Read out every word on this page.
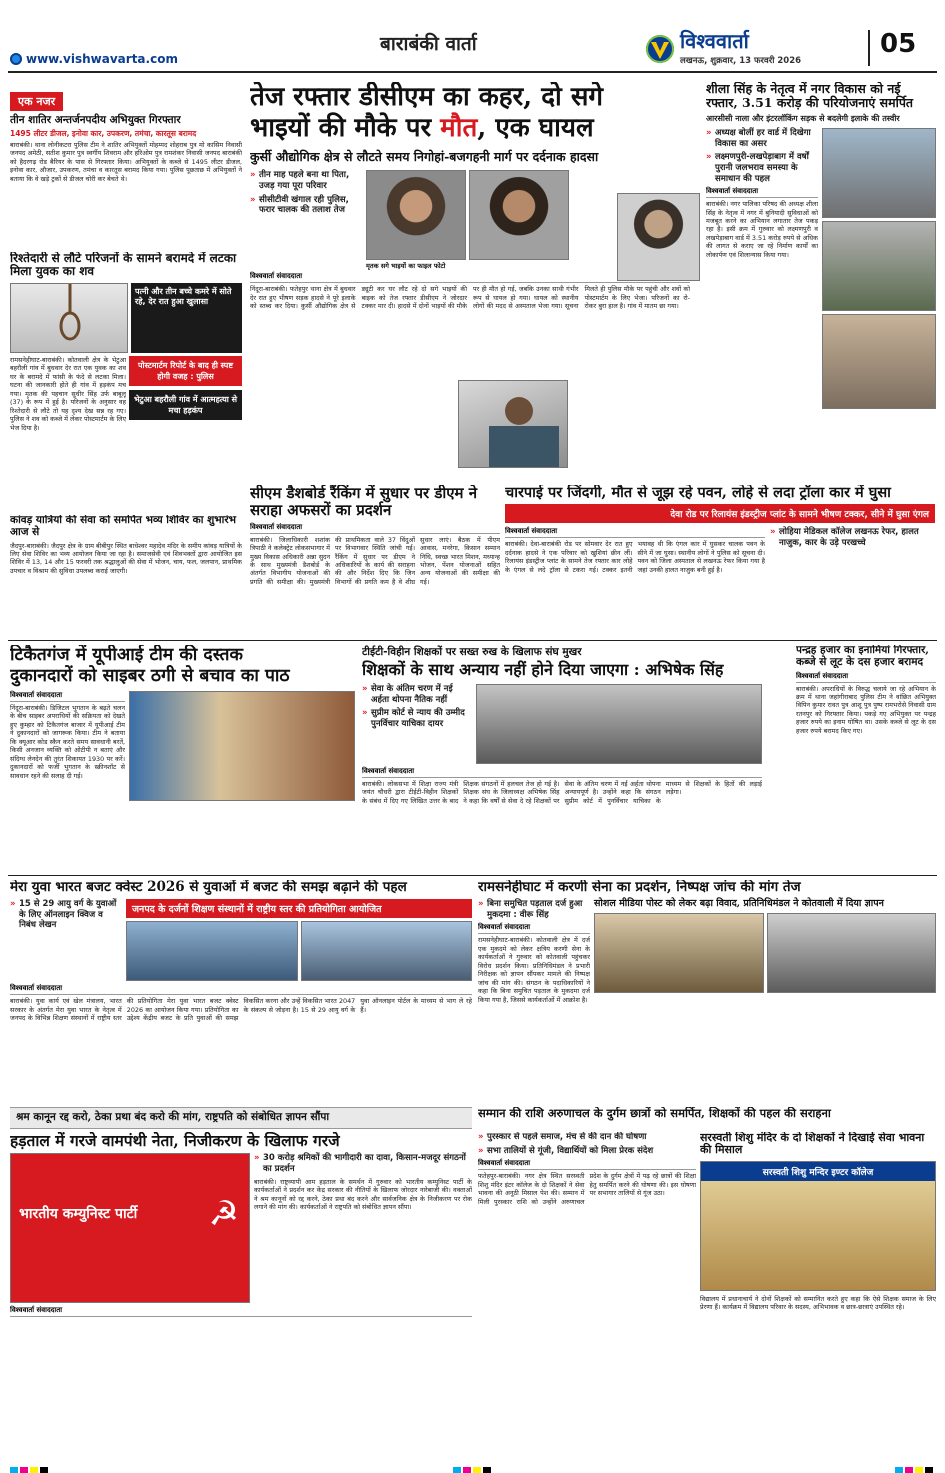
बाराबंकी वार्ता
www.vishwavarta.com
विश्ववार्ता
लखनऊ, शुक्रवार, 13 फरवरी 2026
05
एक नजर
तीन शातिर अन्तर्जनपदीय अभियुक्त गिरफ्तार
1495 लीटर डीजल, इनोवा कार, उपकरण, तमंचा, कारतूस बरामद
बाराबंकी। थाना लोनीकटरा पुलिस टीम ने शातिर अभियुक्तों मोहम्मद शोहराब पुत्र मो कासिम निवासी जनपद अमेठी, सतीश कुमार पुत्र स्वर्गीय शिवराम और हरिओम पुत्र रामशंकर निवासी जनपद बाराबंकी को हैदरगढ़ रोड बैरियर के पास से गिरफ्तार किया। अभियुक्तों के कब्जे से 1495 लीटर डीजल, इनोवा कार, औजार, उपकरण, तमंचा व कारतूस बरामद किया गया। पुलिस पूछताछ में अभियुक्तों ने बताया कि वे खड़े ट्रकों से डीजल चोरी कर बेचते थे।
रिश्तेदारी से लौटे परिजनों के सामने बरामदे में लटका मिला युवक का शव
पत्नी और तीन बच्चे कमरे में सोते रहे, देर रात हुआ खुलासा
रामसनेहीघाट-बाराबंकी। कोतवाली क्षेत्र के भेटुआ बहरौली गांव में बुधवार देर रात एक युवक का शव घर के बरामदे में फांसी के फंदे से लटका मिला। घटना की जानकारी होते ही गांव में हड़कंप मच गया। मृतक की पहचान सुधीर सिंह उर्फ बाबूलू (37) के रूप में हुई है। परिजनों के अनुसार वह रिश्तेदारी से लौटे तो यह दृश्य देख सन्न रह गए। पुलिस ने शव को कब्जे में लेकर पोस्टमार्टम के लिए भेज दिया है।
पोस्टमार्टम रिपोर्ट के बाद ही स्पष्ट होगी वजह : पुलिस
भेटुआ बहरौली गांव में आत्महत्या से मचा हड़कंप
कांवड़ यात्रियों की सेवा को समर्पित भव्य शिविर का शुभारंभ आज से
जैदपुर-बाराबंकी। जैदपुर क्षेत्र के ग्राम बीबीपुर स्थित बाधेश्वर महादेव मंदिर के समीप कांवड़ यात्रियों के लिए सेवा शिविर का भव्य आयोजन किया जा रहा है। समाजसेवी एवं शिवभक्तों द्वारा आयोजित इस शिविर में 13, 14 और 15 फरवरी तक श्रद्धालुओं की सेवा में भोजन, चाय, फल, जलपान, प्राथमिक उपचार व विश्राम की सुविधा उपलब्ध कराई जाएगी।
तेज रफ्तार डीसीएम का कहर, दो सगे
भाइयों की मौके पर मौत, एक घायल
कुर्सी औद्योगिक क्षेत्र से लौटते समय निगोहां-बजगहनी मार्ग पर दर्दनाक हादसा
» तीन माह पहले बना था पिता, उजड़ गया पूरा परिवार
» सीसीटीवी खंगाल रही पुलिस, फरार चालक की तलाश तेज
मृतक सगे भाइयों का फाइल फोटो
विश्ववार्ता संवाददाता
निंदूरा-बाराबंकी। फतेहपुर थाना क्षेत्र में बुधवार देर रात हुए भीषण सड़क हादसे ने पूरे इलाके को स्तब्ध कर दिया। कुर्सी औद्योगिक क्षेत्र से ड्यूटी कर घर लौट रहे दो सगे भाइयों की बाइक को तेज रफ्तार डीसीएम ने जोरदार टक्कर मार दी। हादसे में दोनों भाइयों की मौके पर ही मौत हो गई, जबकि उनका साथी गंभीर रूप से घायल हो गया। घायल को स्थानीय लोगों की मदद से अस्पताल भेजा गया। सूचना मिलते ही पुलिस मौके पर पहुंची और शवों को पोस्टमार्टम के लिए भेजा। परिजनों का रो-रोकर बुरा हाल है। गांव में मातम छा गया।
शीला सिंह के नेतृत्व में नगर विकास को नई रफ्तार, 3.51 करोड़ की परियोजनाएं समर्पित
आरसीसी नाला और इंटरलॉकिंग सड़क से बदलेगी इलाके की तस्वीर
» अध्यक्ष बोलीं हर वार्ड में दिखेगा विकास का असर
» लक्ष्मणपुरी-लखपेड़ाबाग में वर्षों पुरानी जलभराव समस्या के समाधान की पहल
विश्ववार्ता संवाददाता
बाराबंकी। नगर पालिका परिषद की अध्यक्ष शीला सिंह के नेतृत्व में नगर में बुनियादी सुविधाओं को मजबूत करने का अभियान लगातार तेज पकड़ रहा है। इसी क्रम में गुरुवार को लक्ष्मणपुरी व लखपेड़ाबाग वार्ड में 3.51 करोड़ रुपये से अधिक की लागत से कराए जा रहे निर्माण कार्यों का लोकार्पण एवं शिलान्यास किया गया।
सीएम डैशबोर्ड रैंकिंग में सुधार पर डीएम ने सराहा अफसरों का प्रदर्शन
विश्ववार्ता संवाददाता
बाराबंकी। जिलाधिकारी शशांक त्रिपाठी ने कलेक्ट्रेट लोकसभागार में मुख्य विकास अधिकारी अन्ना सुदन के साथ मुख्यमंत्री डैशबोर्ड के अंतर्गत विभागीय योजनाओं की प्रगति की समीक्षा की। मुख्यमंत्री की प्राथमिकता वाले 37 विंदुओं पर विभागवार स्थिति जांची गई। रैंकिंग में सुधार पर डीएम ने अधिकारियों के कार्य की सराहना की और निर्देश दिए कि जिन विभागों की प्रगति कम है वे शीघ्र सुधार लाएं। बैठक में पीएम आवास, मनरेगा, किसान सम्मान निधि, स्वच्छ भारत मिशन, मध्यान्ह भोजन, पेंशन योजनाओं सहित अन्य योजनाओं की समीक्षा की गई।
चारपाई पर जिंदगी, मौत से जूझ रहे पवन, लोहे से लदा ट्रॉला कार में घुसा
देवा रोड पर रिलायंस इंडस्ट्रीज प्लांट के सामने भीषण टक्कर, सीने में घुसा एंगल
विश्ववार्ता संवाददाता
बाराबंकी। देवा-बाराबंकी रोड पर सोमवार देर रात हुए दर्दनाक हादसे ने एक परिवार को खुशियां छीन लीं। रिलायंस इंडस्ट्रीज प्लांट के सामने तेज रफ्तार कार लोहे के एंगल से लदे ट्रॉला से टकरा गई। टक्कर इतनी भयावह थी कि एंगल कार में घुसकर चालक पवन के सीने में जा घुसा। स्थानीय लोगों ने पुलिस को सूचना दी। पवन को जिला अस्पताल से लखनऊ रेफर किया गया है जहां उनकी हालत नाजुक बनी हुई है।
» लोहिया मेडिकल कॉलेज लखनऊ रेफर, हालत नाजुक, कार के उड़े परखच्चे
टिकैतगंज में यूपीआई टीम की दस्तक
दुकानदारों को साइबर ठगी से बचाव का पाठ
विश्ववार्ता संवाददाता
निंदूरा-बाराबंकी। डिजिटल भुगतान के बढ़ते चलन के बीच साइबर अपराधियों की सक्रियता को देखते हुए कुम्हार को टिकैतगंज बाजार में यूपीआई टीम ने दुकानदारों को जागरूक किया। टीम ने बताया कि क्यूआर कोड स्कैन करते समय सावधानी बरतें, किसी अनजान व्यक्ति को ओटीपी न बताएं और संदिग्ध लेनदेन की तुरंत शिकायत 1930 पर करें। दुकानदारों को फर्जी भुगतान के स्क्रीनशॉट से सावधान रहने की सलाह दी गई।
टीईटी-विहीन शिक्षकों पर सख्त रुख के खिलाफ संघ मुखर
शिक्षकों के साथ अन्याय नहीं होने दिया जाएगा : अभिषेक सिंह
» सेवा के अंतिम चरण में नई अर्हता थोपना नैतिक नहीं
» सुप्रीम कोर्ट से न्याय की उम्मीद पुनर्विचार याचिका दायर
विश्ववार्ता संवाददाता
बाराबंकी। लोकसभा में शिक्षा राज्य मंत्री जयंत चौधरी द्वारा टीईटी-विहीन शिक्षकों के संबंध में दिए गए लिखित उत्तर के बाद शिक्षक संगठनों में हलचल तेज हो गई है। शिक्षक संघ के जिलाध्यक्ष अभिषेक सिंह ने कहा कि वर्षों से सेवा दे रहे शिक्षकों पर सेवा के अंतिम चरण में नई अर्हता थोपना अन्यायपूर्ण है। उन्होंने कहा कि संगठन सुप्रीम कोर्ट में पुनर्विचार याचिका के माध्यम से शिक्षकों के हितों की लड़ाई लड़ेगा।
पन्द्रह हजार का इनामियां गिरफ्तार, कब्जे से लूट के दस हजार बरामद
विश्ववार्ता संवाददाता
बाराबंकी। अपराधियों के विरुद्ध चलाये जा रहे अभियान के क्रम में थाना जहांगीराबाद पुलिस टीम ने वांछित अभियुक्त विपिन कुमार रावत पुत्र आशू पुत्र पुष्प रामभरोसे निवासी ग्राम रतनपुर को गिरफ्तार किया। पकड़े गए अभियुक्त पर पन्द्रह हजार रुपये का इनाम घोषित था। उसके कब्जे से लूट के दस हजार रुपये बरामद किए गए।
मेरा युवा भारत बजट क्वेस्ट 2026 से युवाओं में बजट की समझ बढ़ाने की पहल
» 15 से 29 आयु वर्ग के युवाओं के लिए ऑनलाइन क्विज व निबंध लेखन
जनपद के दर्जनों शिक्षण संस्थानों में राष्ट्रीय स्तर की प्रतियोगिता आयोजित
विश्ववार्ता संवाददाता
बाराबंकी। युवा कार्य एवं खेल मंत्रालय, भारत सरकार के अंतर्गत मेरा युवा भारत के नेतृत्व में जनपद के विभिन्न शिक्षण संस्थानों में राष्ट्रीय स्तर की प्रतियोगिता मेरा युवा भारत बजट क्वेस्ट 2026 का आयोजन किया गया। प्रतियोगिता का उद्देश्य केंद्रीय बजट के प्रति युवाओं की समझ विकसित करना और उन्हें विकसित भारत 2047 के संकल्प से जोड़ना है। 15 से 29 आयु वर्ग के युवा ऑनलाइन पोर्टल के माध्यम से भाग ले रहे हैं।
रामसनेहीघाट में करणी सेना का प्रदर्शन, निष्पक्ष जांच की मांग तेज
» बिना समुचित पड़ताल दर्ज हुआ मुकदमा : वीरू सिंह
विश्ववार्ता संवाददाता
रामसनेहीघाट-बाराबंकी। कोतवाली क्षेत्र में दर्ज एक मुकदमे को लेकर क्षत्रिय करणी सेना के कार्यकर्ताओं ने गुरुवार को कोतवाली पहुंचकर विरोध प्रदर्शन किया। प्रतिनिधिमंडल ने प्रभारी निरीक्षक को ज्ञापन सौंपकर मामले की निष्पक्ष जांच की मांग की। संगठन के पदाधिकारियों ने कहा कि बिना समुचित पड़ताल के मुकदमा दर्ज किया गया है, जिससे कार्यकर्ताओं में आक्रोश है।
सोशल मीडिया पोस्ट को लेकर बढ़ा विवाद, प्रतिनिधिमंडल ने कोतवाली में दिया ज्ञापन
श्रम कानून रद्द करो, ठेका प्रथा बंद करो की मांग, राष्ट्रपति को संबोधित ज्ञापन सौंपा	सम्मान की राशि अरुणाचल के दुर्गम छात्रों को समर्पित, शिक्षकों की पहल की सराहना
हड़ताल में गरजे वामपंथी नेता, निजीकरण के खिलाफ गरजे
भारतीय कम्युनिस्ट पार्टी ☭
» 30 करोड़ श्रमिकों की भागीदारी का दावा, किसान-मजदूर संगठनों का प्रदर्शन
बाराबंकी। राष्ट्रव्यापी आम हड़ताल के समर्थन में गुरुवार को भारतीय कम्युनिस्ट पार्टी के कार्यकर्ताओं ने प्रदर्शन कर केंद्र सरकार की नीतियों के खिलाफ जोरदार नारेबाजी की। वक्ताओं ने श्रम कानूनों को रद्द करने, ठेका प्रथा बंद करने और सार्वजनिक क्षेत्र के निजीकरण पर रोक लगाने की मांग की। कार्यकर्ताओं ने राष्ट्रपति को संबोधित ज्ञापन सौंपा।
विश्ववार्ता संवाददाता
» पुरस्कार से पहले समाज, मंच से की दान की घोषणा
» सभा तालियों से गूंजी, विद्यार्थियों को मिला प्रेरक संदेश
विश्ववार्ता संवाददाता
फतेहपुर-बाराबंकी। नगर क्षेत्र स्थित सरस्वती शिशु मंदिर इंटर कॉलेज के दो शिक्षकों ने सेवा भावना की अनूठी मिसाल पेश की। सम्मान में मिली पुरस्कार राशि को उन्होंने अरुणाचल प्रदेश के दुर्गम क्षेत्रों में पढ़ रहे छात्रों की शिक्षा हेतु समर्पित करने की घोषणा की। इस घोषणा पर सभागार तालियों से गूंज उठा।
सरस्वती शिशु मंदिर के दो शिक्षकों ने दिखाई सेवा भावना की मिसाल
सरस्वती शिशु मन्दिर इण्टर कॉलेज
विद्यालय में प्रधानाचार्य ने दोनों शिक्षकों को सम्मानित करते हुए कहा कि ऐसे शिक्षक समाज के लिए प्रेरणा हैं। कार्यक्रम में विद्यालय परिवार के सदस्य, अभिभावक व छात्र-छात्राएं उपस्थित रहे।
